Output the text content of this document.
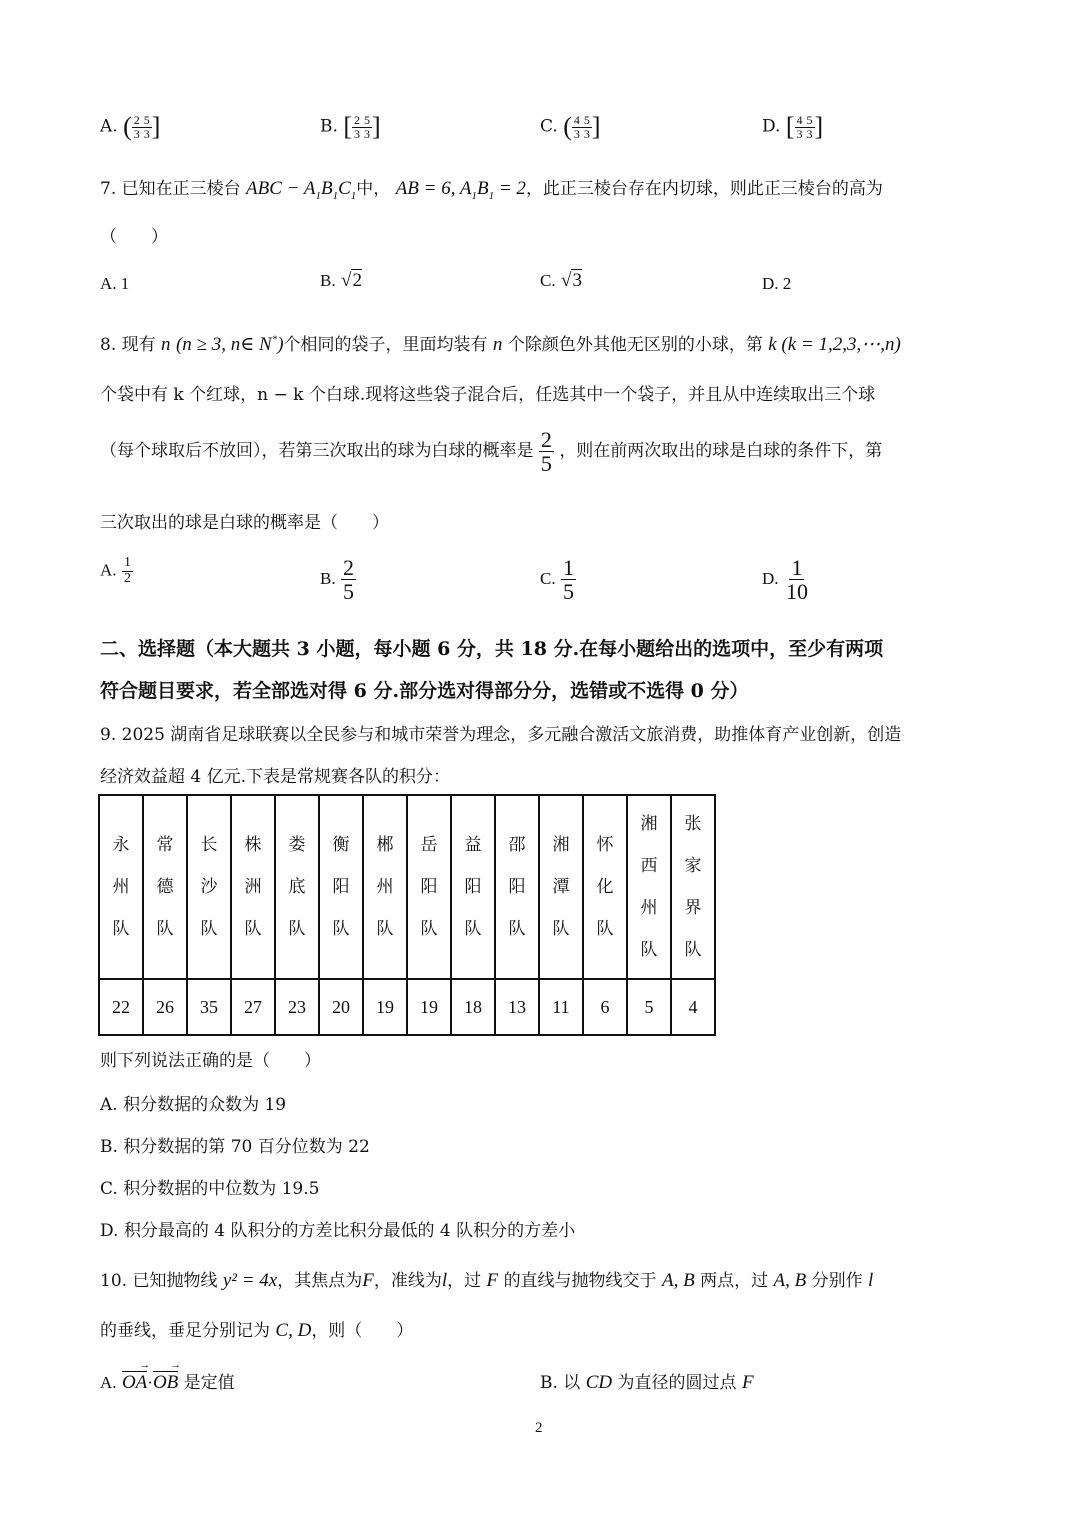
A. ( $\frac{2}{3} \frac{5}{3}$ ]	B. [ $\frac{2}{3} \frac{5}{3}$ ]	C. ( $\frac{4}{3} \frac{5}{3}$ ]	D. [ $\frac{4}{3} \frac{5}{3}$ ]
7. 已知在正三棱台 ABC − $A_1B_1C_1$中， AB = 6, $A_1B_1 = 2$，此正三棱台存在内切球，则此正三棱台的高为
（　　）
A. 1	B. √2	C. √3	D. 2
8. 现有 n (n ≥ 3, n∈ N*)个相同的袋子，里面均装有 n 个除颜色外其他无区别的小球，第 k (k = 1,2,3,⋯,n)
个袋中有 k 个红球，n − k 个白球.现将这些袋子混合后，任选其中一个袋子，并且从中连续取出三个球
（每个球取后不放回），若第三次取出的球为白球的概率是 $\frac{2}{5}$ ，则在前两次取出的球是白球的条件下，第
三次取出的球是白球的概率是（　　）
A. $\frac{1}{2}$	B. $\frac{2}{5}$	C. $\frac{1}{5}$	D. $\frac{1}{10}$
二、选择题（本大题共 3 小题，每小题 6 分，共 18 分.在每小题给出的选项中，至少有两项
符合题目要求，若全部选对得 6 分.部分选对得部分分，选错或不选得 0 分）
9. 2025 湖南省足球联赛以全民参与和城市荣誉为理念，多元融合激活文旅消费，助推体育产业创新，创造
经济效益超 4 亿元.下表是常规赛各队的积分：
永州队	常德队	长沙队	株洲队	娄底队	衡阳队	郴州队	岳阳队	益阳队	邵阳队	湘潭队	怀化队	湘西州队	张家界队
22	26	35	27	23	20	19	19	18	13	11	6	5	4
则下列说法正确的是（　　）
A. 积分数据的众数为 19
B. 积分数据的第 70 百分位数为 22
C. 积分数据的中位数为 19.5
D. 积分最高的 4 队积分的方差比积分最低的 4 队积分的方差小
10. 已知抛物线 y² = 4x，其焦点为F，准线为l，过 F 的直线与抛物线交于 A, B 两点，过 A, B 分别作 l
的垂线，垂足分别记为 C, D，则（　　）
A. OA →·OB → 是定值	B. 以 CD 为直径的圆过点 F
2
